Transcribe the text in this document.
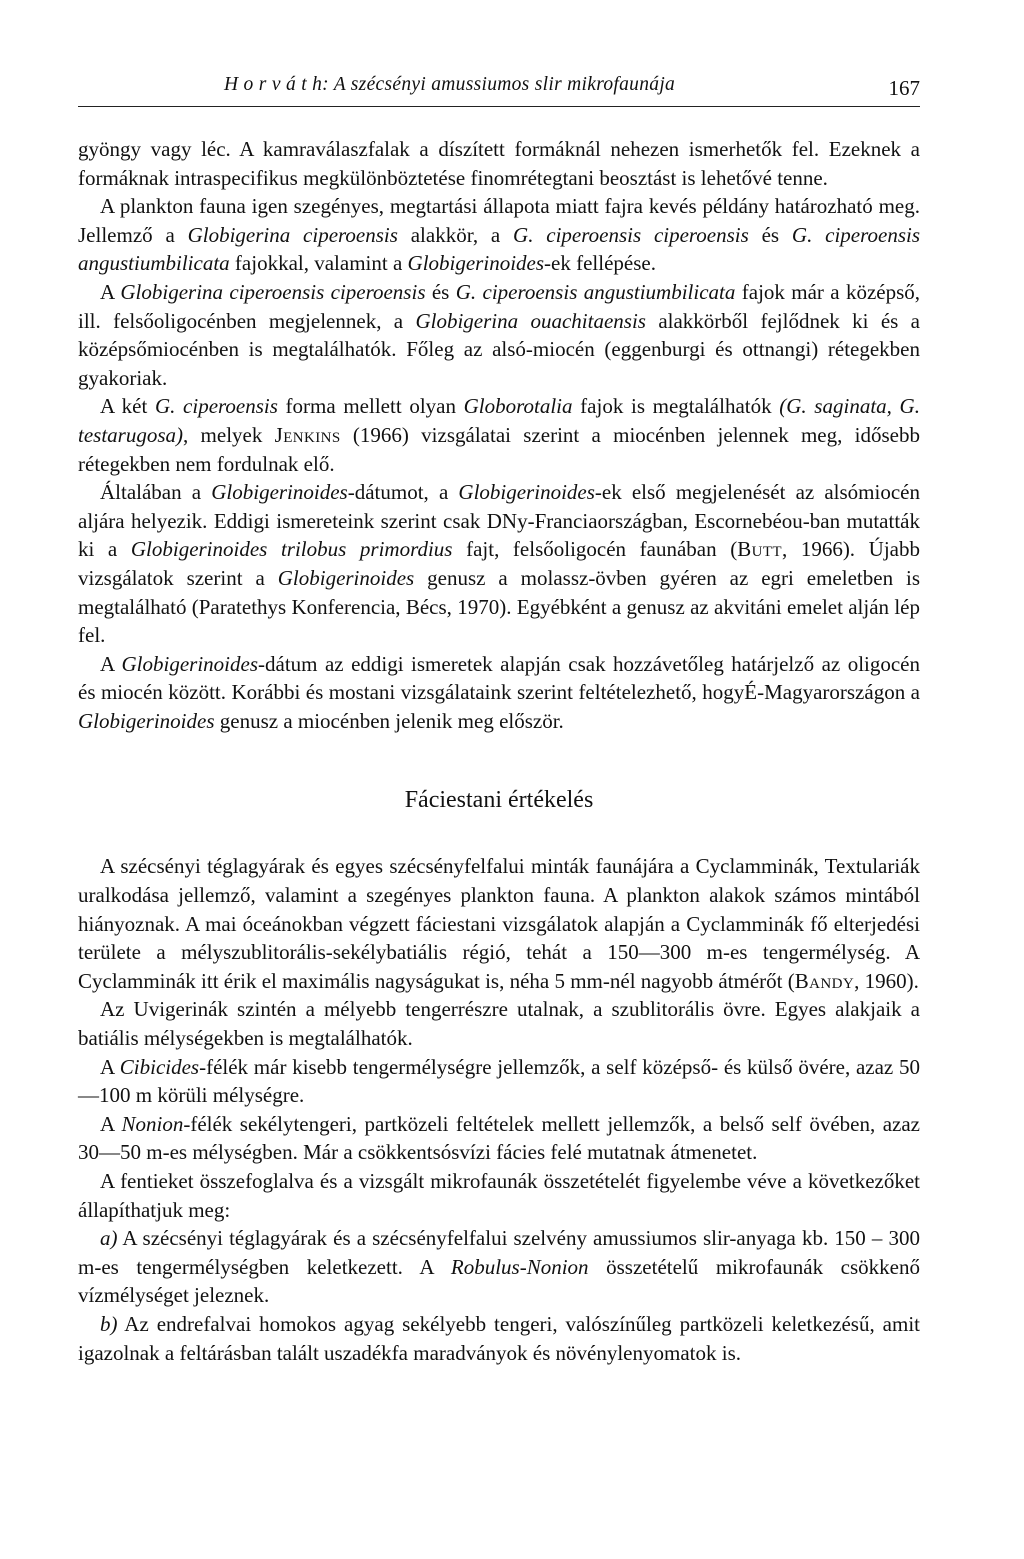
H o r v á t h: A szécsényi amussiumos slir mikrofaunája	167

gyöngy vagy léc. A kamraválaszfalak a díszített formáknál nehezen ismerhetők fel. Ezeknek a formáknak intraspecifikus megkülönböztetése finomrétegtani beosztást is lehetővé tenne.

A plankton fauna igen szegényes, megtartási állapota miatt fajra kevés példány határozható meg. Jellemző a Globigerina ciperoensis alakkör, a G. ciperoensis ciperoensis és G. ciperoensis angustiumbilicata fajokkal, valamint a Globigerinoides-ek fellépése.

A Globigerina ciperoensis ciperoensis és G. ciperoensis angustiumbilicata fajok már a középső, ill. felsőoligocénben megjelennek, a Globigerina ouachitaensis alakkörből fejlődnek ki és a középsőmiocénben is megtalálhatók. Főleg az alsó-miocén (eggenburgi és ottnangi) rétegekben gyakoriak.

A két G. ciperoensis forma mellett olyan Globorotalia fajok is megtalálhatók (G. saginata, G. testarugosa), melyek Jenkins (1966) vizsgálatai szerint a miocénben jelennek meg, idősebb rétegekben nem fordulnak elő.

Általában a Globigerinoides-dátumot, a Globigerinoides-ek első megjelenését az alsómiocén aljára helyezik. Eddigi ismereteink szerint csak DNy-Franciaországban, Escornebéou-ban mutatták ki a Globigerinoides trilobus primordius fajt, felsőoligocén faunában (Butt, 1966). Újabb vizsgálatok szerint a Globigerinoides genusz a molassz-övben gyéren az egri emeletben is megtalálható (Paratethys Konferencia, Bécs, 1970). Egyébként a genusz az akvitáni emelet alján lép fel.

A Globigerinoides-dátum az eddigi ismeretek alapján csak hozzávetőleg határjelző az oligocén és miocén között. Korábbi és mostani vizsgálataink szerint feltételezhető, hogyÉ-Magyarországon a Globigerinoides genusz a miocénben jelenik meg először.

Fáciestani értékelés

A szécsényi téglagyárak és egyes szécsényfelfalui minták faunájára a Cyclamminák, Textulariák uralkodása jellemző, valamint a szegényes plankton fauna. A plankton alakok számos mintából hiányoznak. A mai óceánokban végzett fáciestani vizsgálatok alapján a Cyclamminák fő elterjedési területe a mélyszublitorális-sekélybatiális régió, tehát a 150—300 m-es tengermélység. A Cyclamminák itt érik el maximális nagyságukat is, néha 5 mm-nél nagyobb átmérőt (Bandy, 1960).

Az Uvigerinák szintén a mélyebb tengerrészre utalnak, a szublitorális övre. Egyes alakjaik a batiális mélységekben is megtalálhatók.

A Cibicides-félék már kisebb tengermélységre jellemzők, a self középső- és külső övére, azaz 50—100 m körüli mélységre.

A Nonion-félék sekélytengeri, partközeli feltételek mellett jellemzők, a belső self övében, azaz 30—50 m-es mélységben. Már a csökkentsósvízi fácies felé mutatnak átmenetet.

A fentieket összefoglalva és a vizsgált mikrofaunák összetételét figyelembe véve a következőket állapíthatjuk meg:

a) A szécsényi téglagyárak és a szécsényfelfalui szelvény amussiumos slir-anyaga kb. 150 – 300 m-es tengermélységben keletkezett. A Robulus-Nonion összetételű mikrofaunák csökkenő vízmélységet jeleznek.

b) Az endrefalvai homokos agyag sekélyebb tengeri, valószínűleg partközeli keletkezésű, amit igazolnak a feltárásban talált uszadékfa maradványok és növénylenyomatok is.
